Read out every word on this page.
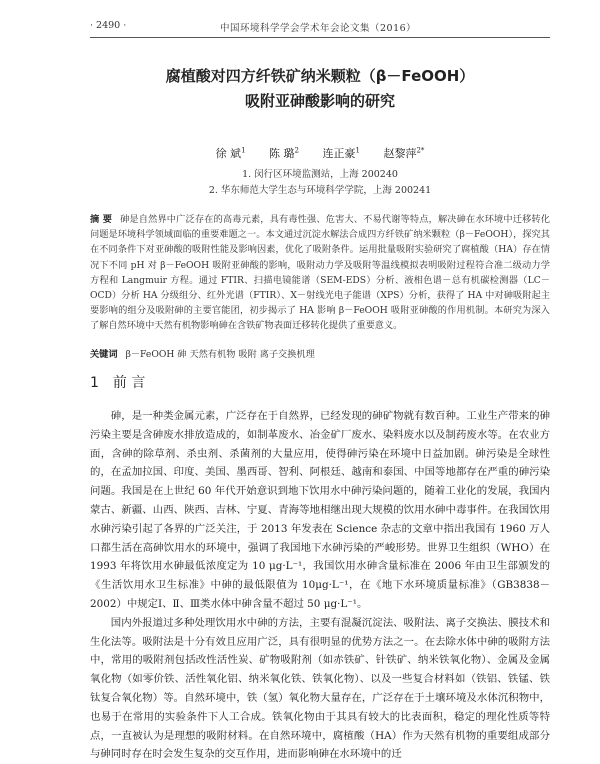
· 2490 ·	中国环境科学学会学术年会论文集（2016）
腐植酸对四方纤铁矿纳米颗粒（β－FeOOH）
吸附亚砷酸影响的研究
徐 斌$^1$ 陈 璐$^2$ 连正豪$^1$ 赵黎萍$^{2*}$
1. 闵行区环境监测站，上海 200240
2. 华东师范大学生态与环境科学学院，上海 200241
摘 要 砷是自然界中广泛存在的高毒元素，具有毒性强、危害大、不易代谢等特点，解决砷在水环境中迁移转化问题是环境科学领域面临的重要难题之一。本文通过沉淀水解法合成四方纤铁矿纳米颗粒（β－FeOOH），探究其在不同条件下对亚砷酸的吸附性能及影响因素，优化了吸附条件。运用批量吸附实验研究了腐植酸（HA）存在情况下不同 pH 对 β－FeOOH 吸附亚砷酸的影响，吸附动力学及吸附等温线模拟表明吸附过程符合准二级动力学方程和 Langmuir 方程。通过 FTIR、扫描电镜能谱（SEM-EDS）分析、液相色谱－总有机碳检测器（LC－OCD）分析 HA 分级组分、红外光谱（FTIR）、X－射线光电子能谱（XPS）分析，获得了 HA 中对砷吸附起主要影响的组分及吸附砷的主要官能团，初步揭示了 HA 影响 β－FeOOH 吸附亚砷酸的作用机制。本研究为深入了解自然环境中天然有机物影响砷在含铁矿物表面迁移转化提供了重要意义。
关键词 β－FeOOH 砷 天然有机物 吸附 离子交换机理
1 前 言

砷，是一种类金属元素，广泛存在于自然界，已经发现的砷矿物就有数百种。工业生产带来的砷污染主要是含砷废水排放造成的，如制革废水、冶金矿厂废水、染料废水以及制药废水等。在农业方面，含砷的除草剂、杀虫剂、杀菌剂的大量应用，使得砷污染在环境中日益加剧。砷污染是全球性的，在孟加拉国、印度、美国、墨西哥、智利、阿根廷、越南和泰国、中国等地都存在严重的砷污染问题。我国是在上世纪 60 年代开始意识到地下饮用水中砷污染问题的，随着工业化的发展，我国内蒙古、新疆、山西、陕西、吉林、宁夏、青海等地相继出现大规模的饮用水砷中毒事件。在我国饮用水砷污染引起了各界的广泛关注，于 2013 年发表在 Science 杂志的文章中指出我国有 1960 万人口都生活在高砷饮用水的环境中，强调了我国地下水砷污染的严峻形势。世界卫生组织（WHO）在 1993 年将饮用水砷最低浓度定为 10 μg·L⁻¹，我国饮用水砷含量标准在 2006 年由卫生部颁发的《生活饮用水卫生标准》中砷的最低限值为 10μg·L⁻¹，在《地下水环境质量标准》（GB3838－2002）中规定Ⅰ、Ⅱ、Ⅲ类水体中砷含量不超过 50 μg·L⁻¹。

国内外报道过多种处理饮用水中砷的方法，主要有混凝沉淀法、吸附法、离子交换法、膜技术和生化法等。吸附法是十分有效且应用广泛，具有很明显的优势方法之一。在去除水体中砷的吸附方法中，常用的吸附剂包括改性活性炭、矿物吸附剂（如赤铁矿、针铁矿、纳米铁氧化物）、金属及金属氧化物（如零价铁、活性氧化铝、纳米氧化铁、铁氧化物）、以及一些复合材料如（铁铝、铁锰、铁钛复合氧化物）等。自然环境中，铁（氢）氧化物大量存在，广泛存在于土壤环境及水体沉积物中，也易于在常用的实验条件下人工合成。铁氧化物由于其具有较大的比表面积，稳定的理化性质等特点，一直被认为是理想的吸附材料。在自然环境中，腐植酸（HA）作为天然有机物的重要组成部分与砷同时存在时会发生复杂的交互作用，进而影响砷在水环境中的迁
